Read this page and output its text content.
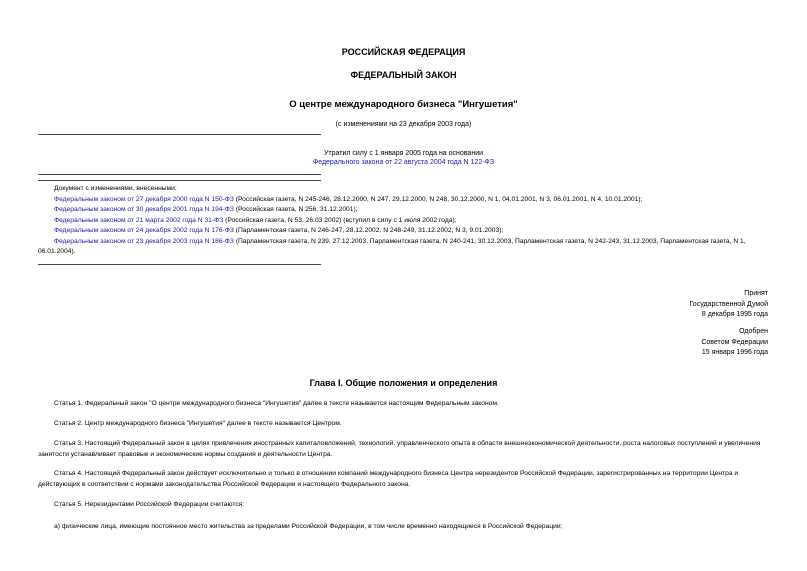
РОССИЙСКАЯ ФЕДЕРАЦИЯ
ФЕДЕРАЛЬНЫЙ ЗАКОН
О центре международного бизнеса "Ингушетия"
(с изменениями на 23 декабря 2003 года)
Утратил силу с 1 января 2005 года на основании
Федерального закона от 22 августа 2004 года N 122-ФЗ
Документ с изменениями, внесенными:
Федеральным законом от 27 декабря 2000 года N 150-ФЗ (Российская газета, N 245-246, 28.12.2000, N 247, 29.12.2000, N 248, 30.12.2000, N 1, 04.01.2001, N 3, 06.01.2001, N 4, 10.01.2001);
Федеральным законом от 30 декабря 2001 года N 194-ФЗ (Российская газета, N 256, 31.12.2001);
Федеральным законом от 21 марта 2002 года N 31-ФЗ (Российская газета, N 53, 26.03.2002) (вступил в силу с 1 июля 2002 года);
Федеральным законом от 24 декабря 2002 года N 176-ФЗ (Парламентская газета, N 246-247, 28.12.2002, N 248-249, 31.12.2002, N 3, 9.01.2003);
Федеральным законом от 23 декабря 2003 года N 186-ФЗ (Парламентская газета, N 239, 27.12.2003, Парламентская газета, N 240-241, 30.12.2003, Парламентская газета, N 242-243, 31.12.2003, Парламентская газета, N 1, 06.01.2004).
Принят
Государственной Думой
8 декабря 1995 года
Одобрен
Советом Федерации
15 января 1996 года
Глава I. Общие положения и определения
Статья 1. Федеральный закон "О центре международного бизнеса "Ингушетия" далее в тексте называется настоящим Федеральным законом.
Статья 2. Центр международного бизнеса "Ингушетия" далее в тексте называется Центром.
Статья 3. Настоящий Федеральный закон в целях привлечения иностранных капиталовложений, технологий, управленческого опыта в области внешнеэкономической деятельности, роста налоговых поступлений и увеличения занятости устанавливает правовые и экономические нормы создания и деятельности Центра.
Статья 4. Настоящий Федеральный закон действует исключительно и только в отношении компаний международного бизнеса Центра нерезидентов Российской Федерации, зарегистрированных на территории Центра и действующих в соответствии с нормами законодательства Российской Федерации и настоящего Федерального закона.
Статья 5. Нерезидентами Российской Федерации считаются:
а) физические лица, имеющие постоянное место жительства за пределами Российской Федерации, в том числе временно находящиеся в Российской Федерации;
